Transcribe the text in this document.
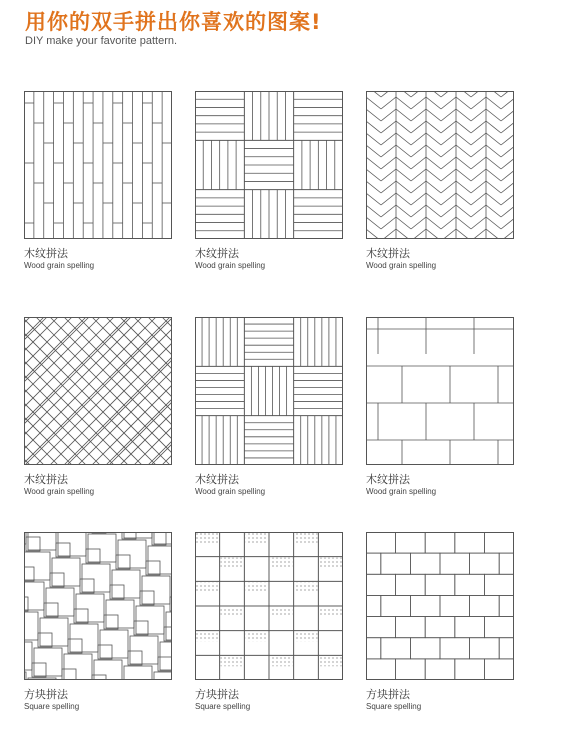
用你的双手拼出你喜欢的图案!
DIY make your favorite pattern.
木纹拼法
Wood grain spelling
木纹拼法
Wood grain spelling
木纹拼法
Wood grain spelling
木纹拼法
Wood grain spelling
木纹拼法
Wood grain spelling
木纹拼法
Wood grain spelling
方块拼法
Square spelling
方块拼法
Square spelling
方块拼法
Square spelling
